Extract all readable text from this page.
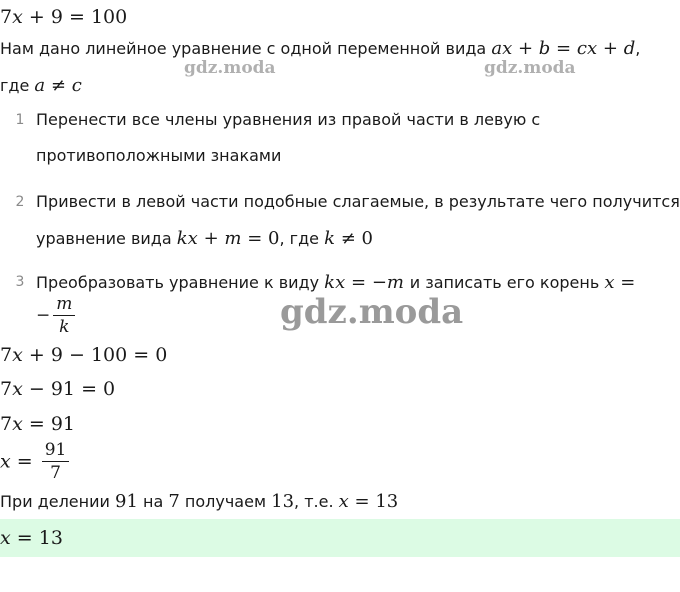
7x + 9 = 100
Нам дано линейное уравнение с одной переменной вида ax + b = cx + d,
gdz.moda	gdz.moda
где a ≠ c
1 Перенести все члены уравнения из правой части в левую с
противоположными знаками
2 Привести в левой части подобные слагаемые, в результате чего получится
уравнение вида kx + m = 0, где k ≠ 0
3 Преобразовать уравнение к виду kx = −m и записать его корень x =
− $\frac{m}{k}$	gdz.moda
7x + 9 − 100 = 0
7x − 91 = 0
7x = 91
$x = \frac{91}{7}$
При делении 91 на 7 получаем 13, т.е. x = 13
x = 13
